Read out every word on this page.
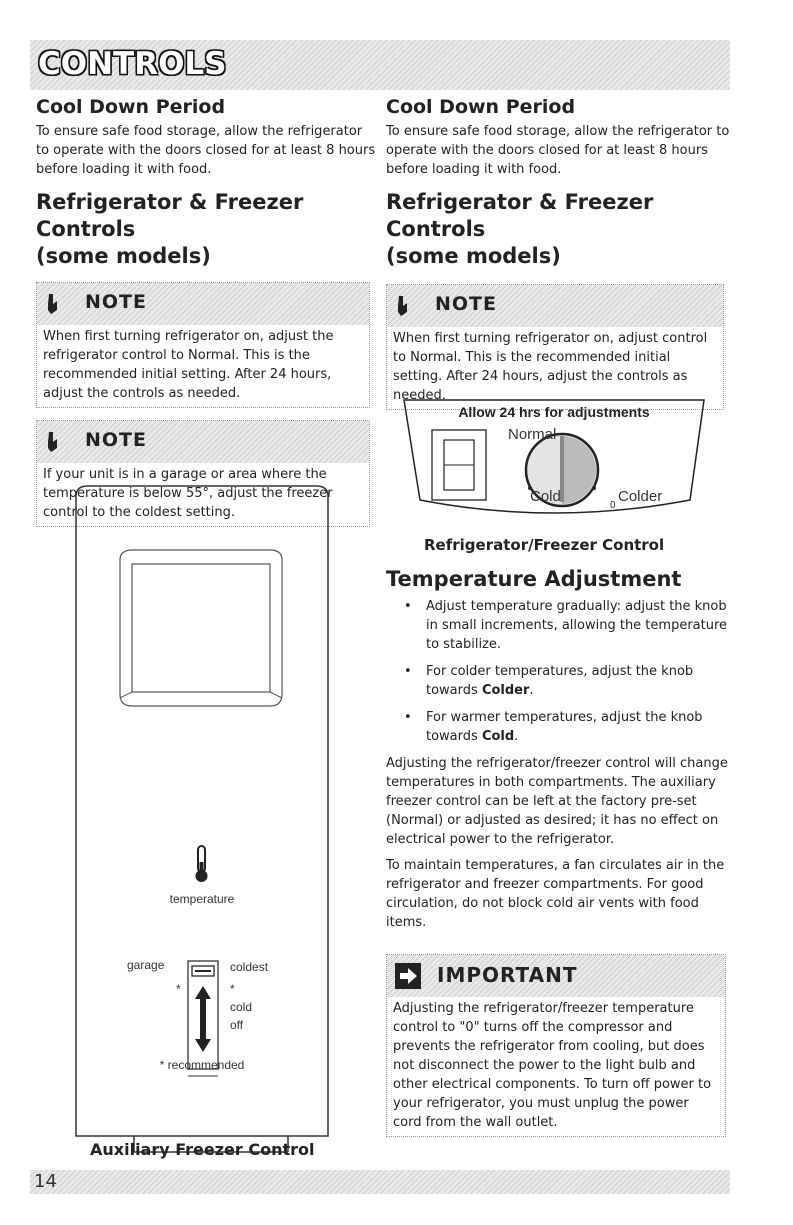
CONTROLS
Cool Down Period

To ensure safe food storage, allow the refrigerator to operate with the doors closed for at least 8 hours before loading it with food.

Refrigerator & Freezer Controls
(some models)
NOTE
When first turning refrigerator on, adjust the refrigerator control to Normal. This is the recommended initial setting. After 24 hours, adjust the controls as needed.
NOTE
If your unit is in a garage or area where the temperature is below 55°, adjust the freezer control to the coldest setting.
temperature
garage	coldest
*	*
cold
off
* recommended
Auxiliary Freezer Control
Cool Down Period

To ensure safe food storage, allow the refrigerator to operate with the doors closed for at least 8 hours before loading it with food.

Refrigerator & Freezer Controls
(some models)
NOTE
When first turning refrigerator on, adjust control to Normal. This is the recommended initial setting. After 24 hours, adjust the controls as needed.
Allow 24 hrs for adjustments
Normal
Cold	Colder
0
Refrigerator/Freezer Control
Temperature Adjustment
• Adjust temperature gradually: adjust the knob in small increments, allowing the temperature to stabilize.
• For colder temperatures, adjust the knob towards Colder.
• For warmer temperatures, adjust the knob towards Cold.

Adjusting the refrigerator/freezer control will change temperatures in both compartments. The auxiliary freezer control can be left at the factory pre-set (Normal) or adjusted as desired; it has no effect on electrical power to the refrigerator.

To maintain temperatures, a fan circulates air in the refrigerator and freezer compartments. For good circulation, do not block cold air vents with food items.

IMPORTANT
Adjusting the refrigerator/freezer temperature control to "0" turns off the compressor and prevents the refrigerator from cooling, but does not disconnect the power to the light bulb and other electrical components. To turn off power to your refrigerator, you must unplug the power cord from the wall outlet.
14
